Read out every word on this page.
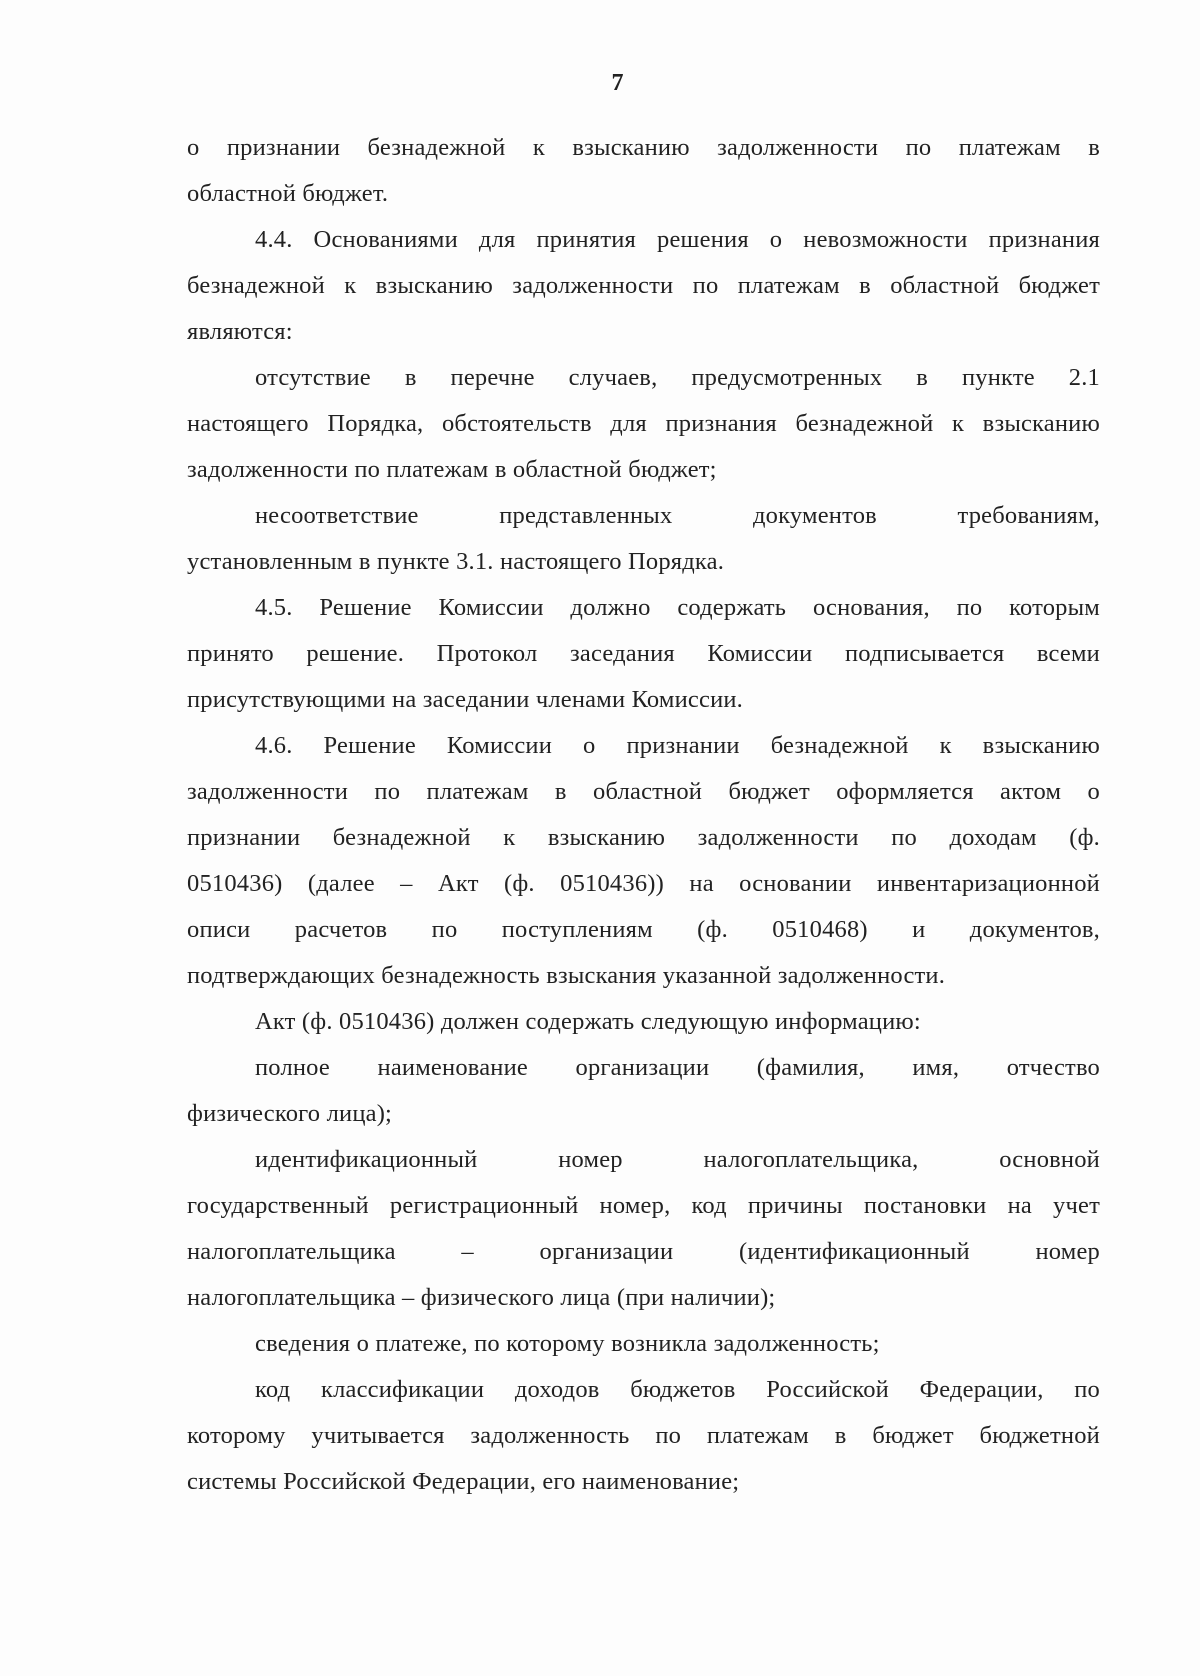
7
о признании безнадежной к взысканию задолженности по платежам в
областной бюджет.
4.4. Основаниями для принятия решения о невозможности признания
безнадежной к взысканию задолженности по платежам в областной бюджет
являются:
отсутствие в перечне случаев, предусмотренных в пункте 2.1
настоящего Порядка, обстоятельств для признания безнадежной к взысканию
задолженности по платежам в областной бюджет;
несоответствие представленных документов требованиям,
установленным в пункте 3.1. настоящего Порядка.
4.5. Решение Комиссии должно содержать основания, по которым
принято решение. Протокол заседания Комиссии подписывается всеми
присутствующими на заседании членами Комиссии.
4.6. Решение Комиссии о признании безнадежной к взысканию
задолженности по платежам в областной бюджет оформляется актом о
признании безнадежной к взысканию задолженности по доходам (ф.
0510436) (далее – Акт (ф. 0510436)) на основании инвентаризационной
описи расчетов по поступлениям (ф. 0510468) и документов,
подтверждающих безнадежность взыскания указанной задолженности.
Акт (ф. 0510436) должен содержать следующую информацию:
полное наименование организации (фамилия, имя, отчество
физического лица);
идентификационный номер налогоплательщика, основной
государственный регистрационный номер, код причины постановки на учет
налогоплательщика – организации (идентификационный номер
налогоплательщика – физического лица (при наличии);
сведения о платеже, по которому возникла задолженность;
код классификации доходов бюджетов Российской Федерации, по
которому учитывается задолженность по платежам в бюджет бюджетной
системы Российской Федерации, его наименование;
